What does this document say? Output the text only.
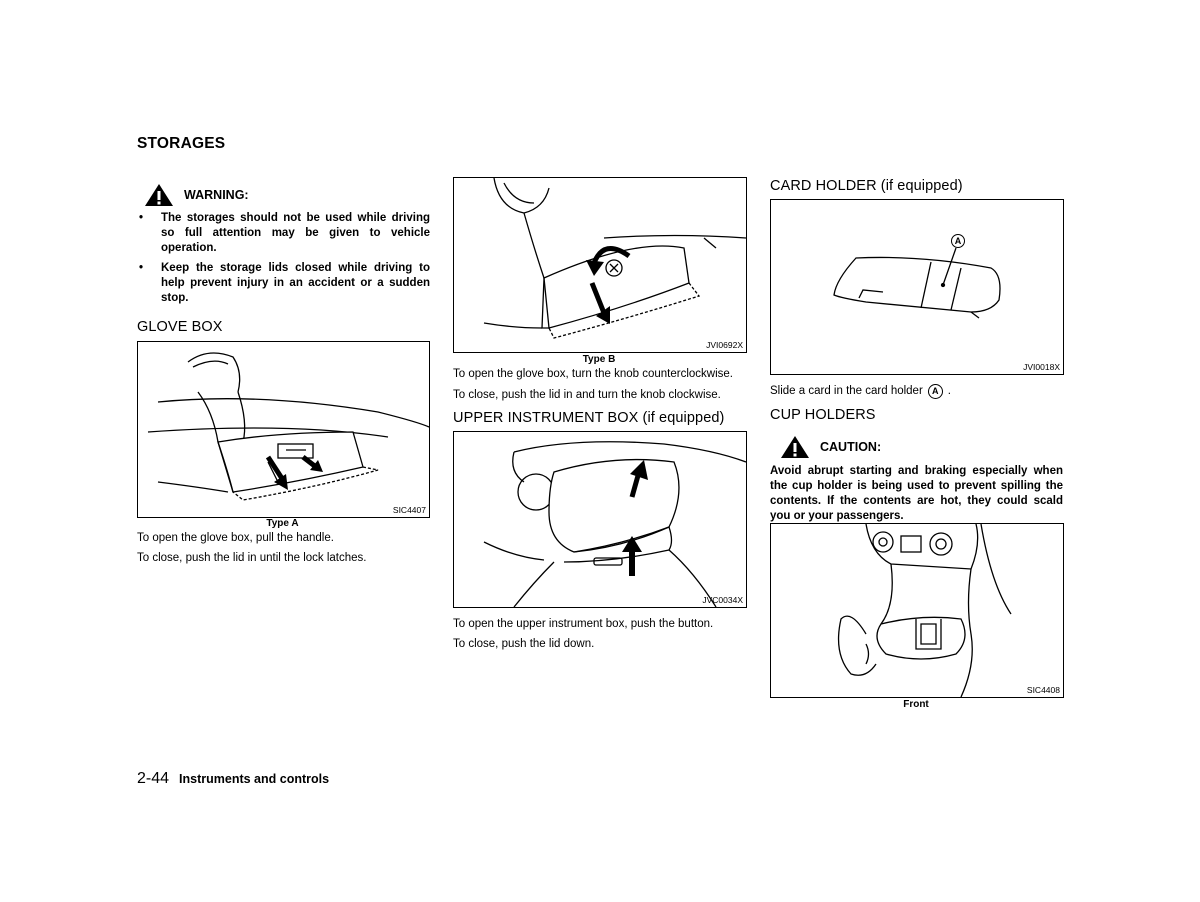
STORAGES
WARNING:
•	The storages should not be used while driving so full attention may be given to vehicle operation.
•	Keep the storage lids closed while driving to help prevent injury in an accident or a sudden stop.
GLOVE BOX
SIC4407
Type A
To open the glove box, pull the handle.
To close, push the lid in until the lock latches.
JVI0692X
Type B
To open the glove box, turn the knob counterclockwise.
To close, push the lid in and turn the knob clockwise.
UPPER INSTRUMENT BOX (if equipped)
JVC0034X
To open the upper instrument box, push the button.
To close, push the lid down.
CARD HOLDER (if equipped)
A
JVI0018X
Slide a card in the card holder	A .
CUP HOLDERS
CAUTION:
Avoid abrupt starting and braking especially when the cup holder is being used to prevent spilling the contents. If the contents are hot, they could scald you or your passengers.
SIC4408
Front
2-44 Instruments and controls
